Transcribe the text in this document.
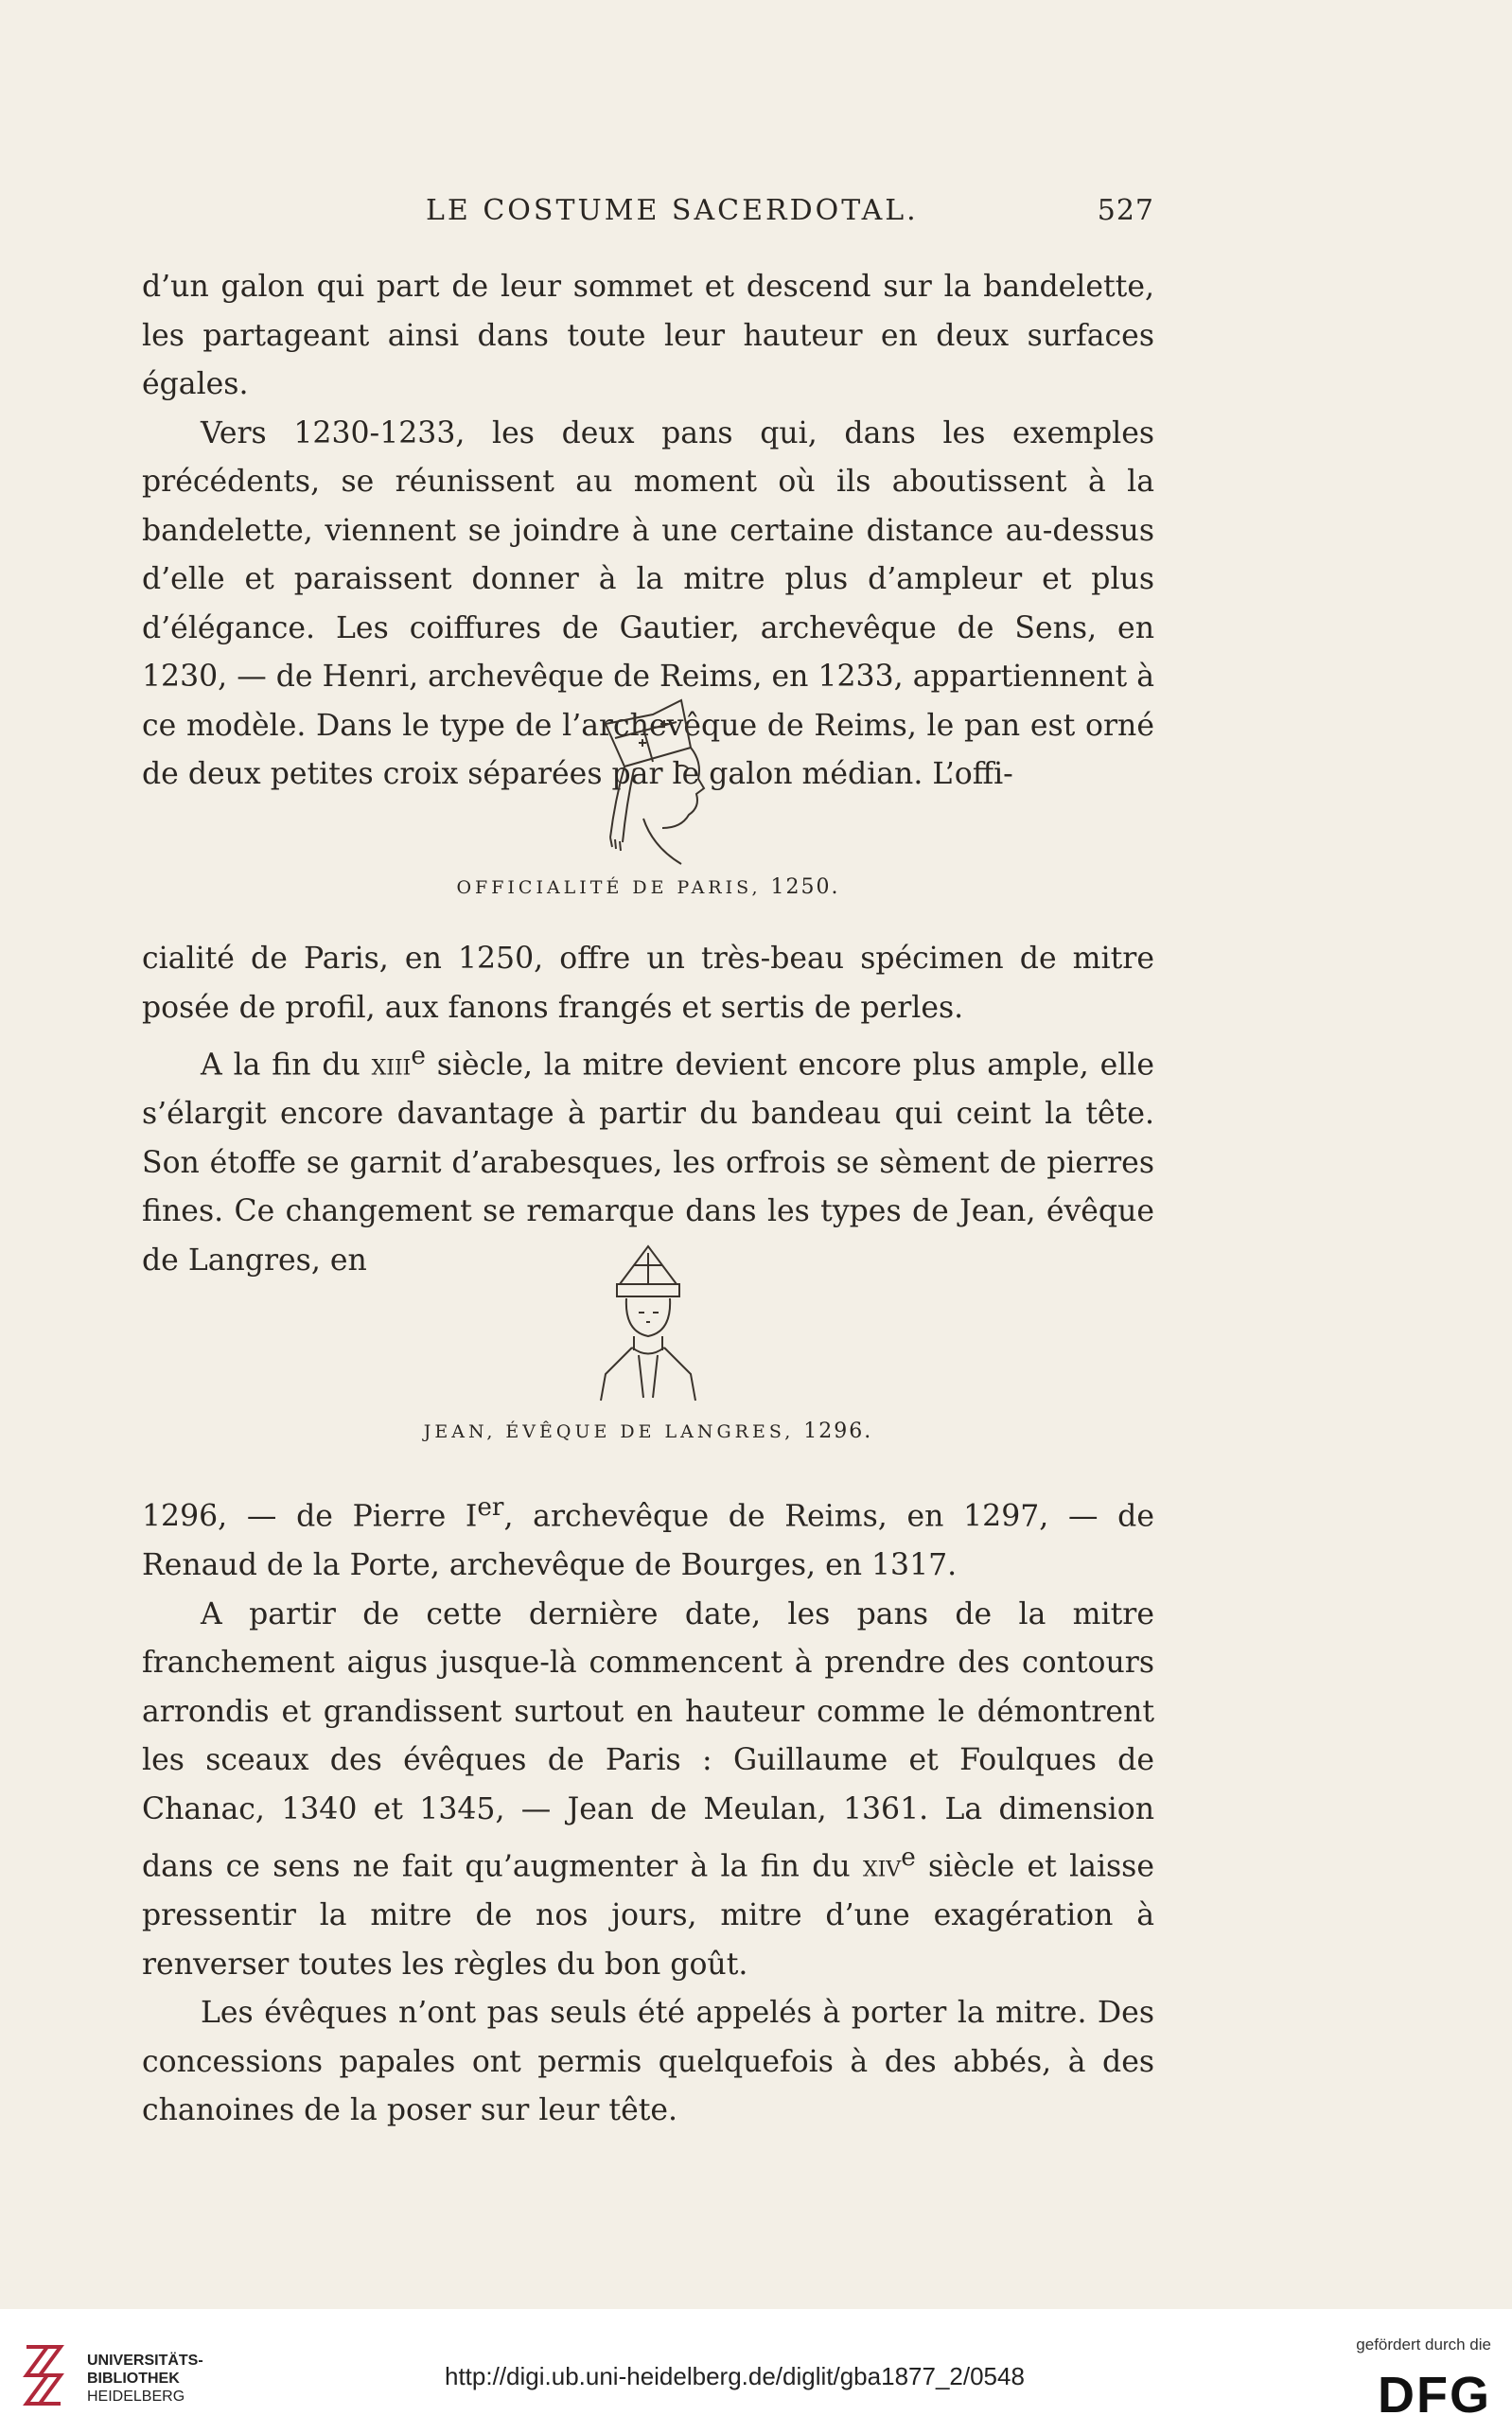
LE COSTUME SACERDOTAL.	527

d’un galon qui part de leur sommet et descend sur la bandelette, les partageant ainsi dans toute leur hauteur en deux surfaces égales.

Vers 1230-1233, les deux pans qui, dans les exemples précédents, se réunissent au moment où ils aboutissent à la bandelette, viennent se joindre à une certaine distance au-dessus d’elle et paraissent donner à la mitre plus d’ampleur et plus d’élégance. Les coiffures de Gautier, archevêque de Sens, en 1230, — de Henri, archevêque de Reims, en 1233, appartiennent à ce modèle. Dans le type de l’archevêque de Reims, le pan est orné de deux petites croix séparées par le galon médian. L’offi-

OFFICIALITÉ DE PARIS, 1250.

cialité de Paris, en 1250, offre un très-beau spécimen de mitre posée de profil, aux fanons frangés et sertis de perles.

A la fin du xiii$^e$ siècle, la mitre devient encore plus ample, elle s’élargit encore davantage à partir du bandeau qui ceint la tête. Son étoffe se garnit d’arabesques, les orfrois se sèment de pierres fines. Ce changement se remarque dans les types de Jean, évêque de Langres, en

JEAN, ÉVÊQUE DE LANGRES, 1296.

1296, — de Pierre Ier, archevêque de Reims, en 1297, — de Renaud de la Porte, archevêque de Bourges, en 1317.

A partir de cette dernière date, les pans de la mitre franchement aigus jusque-là commencent à prendre des contours arrondis et grandissent surtout en hauteur comme le démontrent les sceaux des évêques de Paris : Guillaume et Foulques de Chanac, 1340 et 1345, — Jean de Meulan, 1361. La dimension dans ce sens ne fait qu’augmenter à la fin du xiv$^e$ siècle et laisse pressentir la mitre de nos jours, mitre d’une exagération à renverser toutes les règles du bon goût.

Les évêques n’ont pas seuls été appelés à porter la mitre. Des concessions papales ont permis quelquefois à des abbés, à des chanoines de la poser sur leur tête.

UNIVERSITÄTS-
BIBLIOTHEK
HEIDELBERG
http://digi.ub.uni-heidelberg.de/diglit/gba1877_2/0548
gefördert durch die
DFG
